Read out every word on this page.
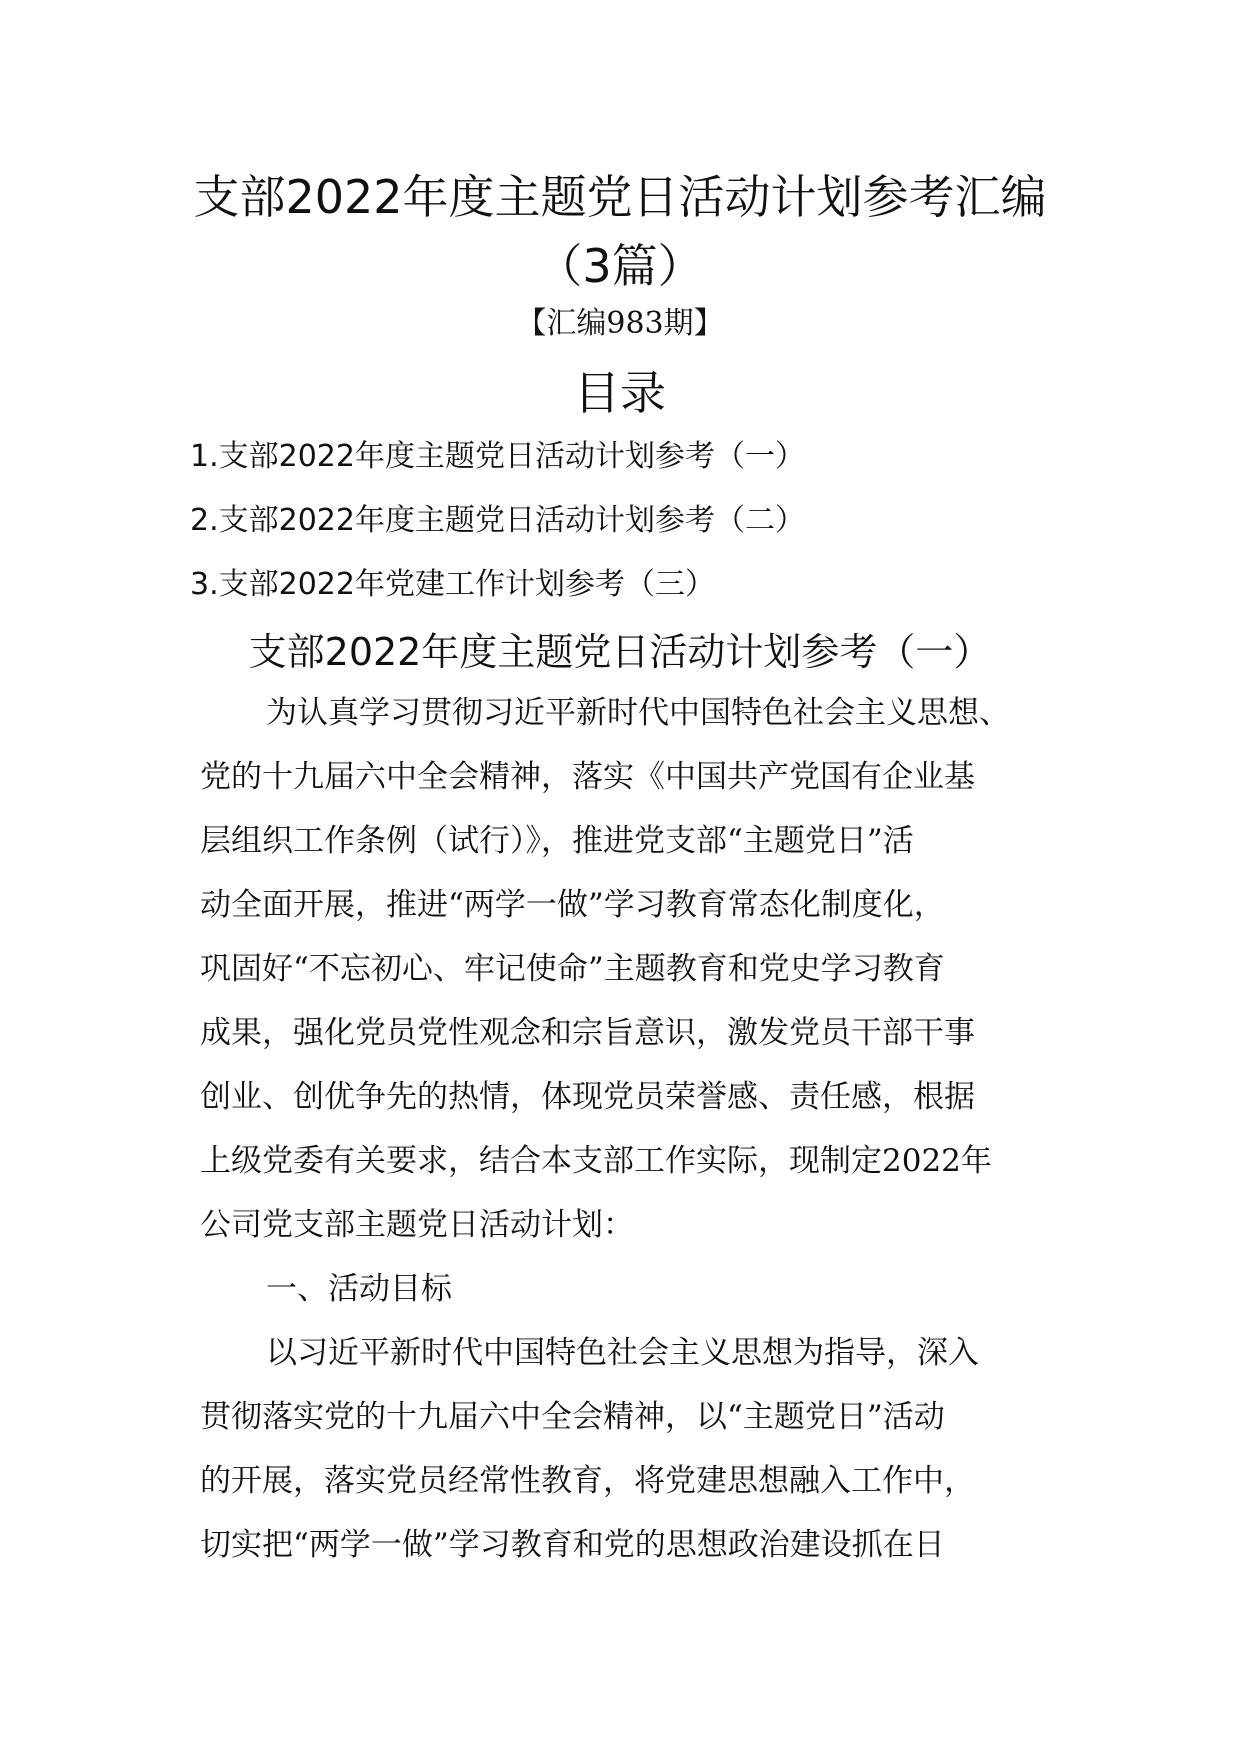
支部2022年度主题党日活动计划参考汇编
（3篇）
【汇编983期】
目录
1.支部2022年度主题党日活动计划参考（一）
2.支部2022年度主题党日活动计划参考（二）
3.支部2022年党建工作计划参考（三）
支部2022年度主题党日活动计划参考（一）
为认真学习贯彻习近平新时代中国特色社会主义思想、
党的十九届六中全会精神，落实《中国共产党国有企业基
层组织工作条例（试行）》，推进党支部“主题党日”活
动全面开展，推进“两学一做”学习教育常态化制度化，
巩固好“不忘初心、牢记使命”主题教育和党史学习教育
成果，强化党员党性观念和宗旨意识，激发党员干部干事
创业、创优争先的热情，体现党员荣誉感、责任感，根据
上级党委有关要求，结合本支部工作实际，现制定2022年
公司党支部主题党日活动计划：
一、活动目标
以习近平新时代中国特色社会主义思想为指导，深入
贯彻落实党的十九届六中全会精神，以“主题党日”活动
的开展，落实党员经常性教育，将党建思想融入工作中，
切实把“两学一做”学习教育和党的思想政治建设抓在日
